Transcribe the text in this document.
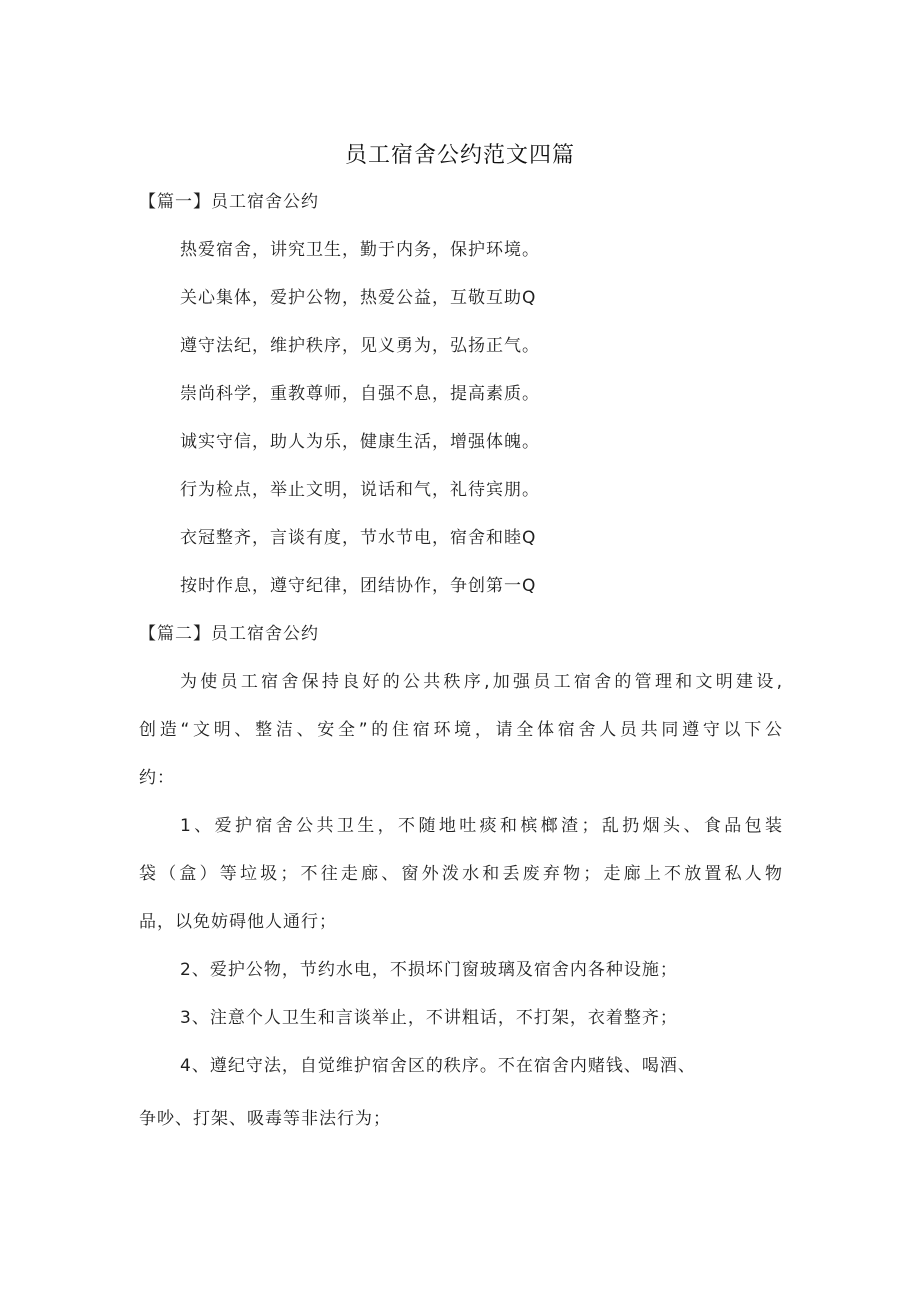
员工宿舍公约范文四篇
【篇一】员工宿舍公约
热爱宿舍，讲究卫生，勤于内务，保护环境。
关心集体，爱护公物，热爱公益，互敬互助Q
遵守法纪，维护秩序，见义勇为，弘扬正气。
崇尚科学，重教尊师，自强不息，提高素质。
诚实守信，助人为乐，健康生活，增强体魄。
行为检点，举止文明，说话和气，礼待宾朋。
衣冠整齐，言谈有度，节水节电，宿舍和睦Q
按时作息，遵守纪律，团结协作，争创第一Q
【篇二】员工宿舍公约
为使员工宿舍保持良好的公共秩序,加强员工宿舍的管理和文明建设,
创造“文明、整洁、安全”的住宿环境，请全体宿舍人员共同遵守以下公
约：
1、爱护宿舍公共卫生，不随地吐痰和槟榔渣；乱扔烟头、食品包装
袋（盒）等垃圾；不往走廊、窗外泼水和丢废弃物；走廊上不放置私人物
品，以免妨碍他人通行；
2、爱护公物，节约水电，不损坏门窗玻璃及宿舍内各种设施；
3、注意个人卫生和言谈举止，不讲粗话，不打架，衣着整齐；
4、遵纪守法，自觉维护宿舍区的秩序。不在宿舍内赌钱、喝酒、
争吵、打架、吸毒等非法行为；
